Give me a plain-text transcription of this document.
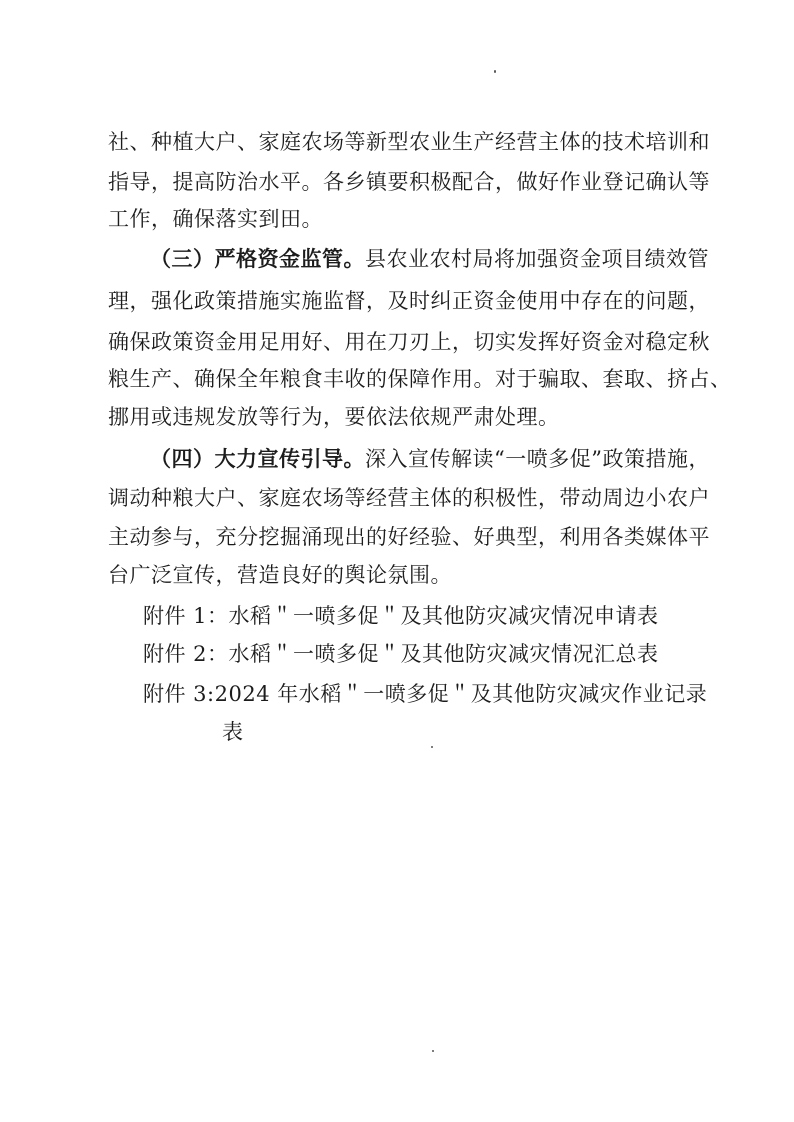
社、种植大户、家庭农场等新型农业生产经营主体的技术培训和
指导，提高防治水平。各乡镇要积极配合，做好作业登记确认等
工作，确保落实到田。
（三）严格资金监管。县农业农村局将加强资金项目绩效管
理，强化政策措施实施监督，及时纠正资金使用中存在的问题，
确保政策资金用足用好、用在刀刃上，切实发挥好资金对稳定秋
粮生产、确保全年粮食丰收的保障作用。对于骗取、套取、挤占、
挪用或违规发放等行为，要依法依规严肃处理。
（四）大力宣传引导。深入宣传解读“一喷多促”政策措施，
调动种粮大户、家庭农场等经营主体的积极性，带动周边小农户
主动参与，充分挖掘涌现出的好经验、好典型，利用各类媒体平
台广泛宣传，营造良好的舆论氛围。
附件 1：水稻＂一喷多促＂及其他防灾减灾情况申请表
附件 2：水稻＂一喷多促＂及其他防灾减灾情况汇总表
附件 3:2024 年水稻＂一喷多促＂及其他防灾减灾作业记录
表
